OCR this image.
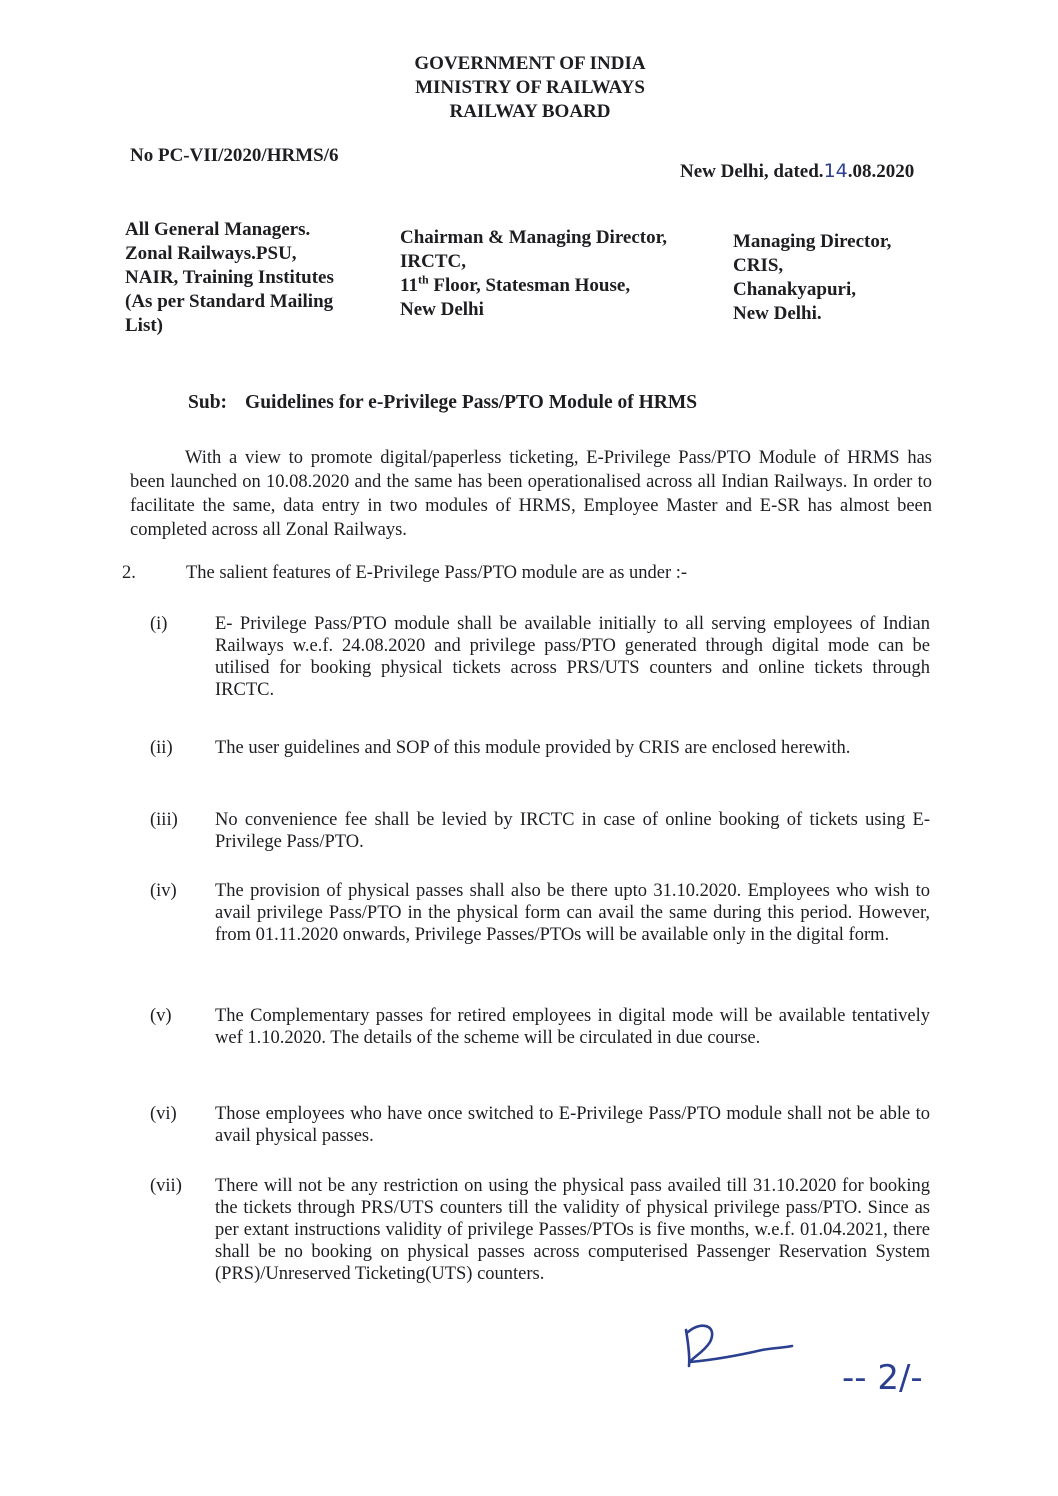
GOVERNMENT OF INDIA
MINISTRY OF RAILWAYS
RAILWAY BOARD
No PC-VII/2020/HRMS/6
New Delhi, dated.14.08.2020
All General Managers.
Zonal Railways.PSU,
NAIR, Training Institutes
(As per Standard Mailing
List)
Chairman & Managing Director,
IRCTC,
11th Floor, Statesman House,
New Delhi
Managing Director,
CRIS,
Chanakyapuri,
New Delhi.
Sub: Guidelines for e-Privilege Pass/PTO Module of HRMS
With a view to promote digital/paperless ticketing, E-Privilege Pass/PTO Module of HRMS has been launched on 10.08.2020 and the same has been operationalised across all Indian Railways. In order to facilitate the same, data entry in two modules of HRMS, Employee Master and E-SR has almost been completed across all Zonal Railways.
2.	The salient features of E-Privilege Pass/PTO module are as under :-
(i)	E- Privilege Pass/PTO module shall be available initially to all serving employees of Indian Railways w.e.f. 24.08.2020 and privilege pass/PTO generated through digital mode can be utilised for booking physical tickets across PRS/UTS counters and online tickets through IRCTC.
(ii) The user guidelines and SOP of this module provided by CRIS are enclosed herewith.
(iii) No convenience fee shall be levied by IRCTC in case of online booking of tickets using E-Privilege Pass/PTO.
(iv) The provision of physical passes shall also be there upto 31.10.2020. Employees who wish to avail privilege Pass/PTO in the physical form can avail the same during this period. However, from 01.11.2020 onwards, Privilege Passes/PTOs will be available only in the digital form.
(v) The Complementary passes for retired employees in digital mode will be available tentatively wef 1.10.2020. The details of the scheme will be circulated in due course.
(vi) Those employees who have once switched to E-Privilege Pass/PTO module shall not be able to avail physical passes.
(vii) There will not be any restriction on using the physical pass availed till 31.10.2020 for booking the tickets through PRS/UTS counters till the validity of physical privilege pass/PTO. Since as per extant instructions validity of privilege Passes/PTOs is five months, w.e.f. 01.04.2021, there shall be no booking on physical passes across computerised Passenger Reservation System (PRS)/Unreserved Ticketing(UTS) counters.
-- 2/-
